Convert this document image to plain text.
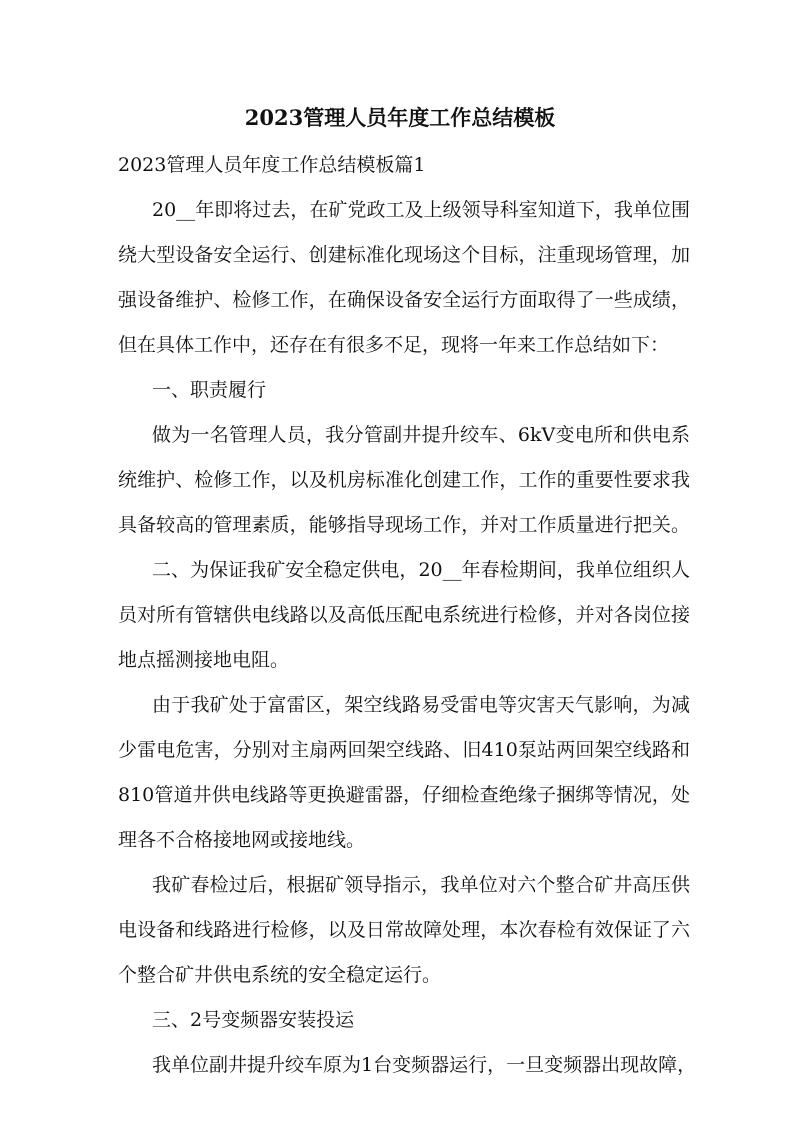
2023管理人员年度工作总结模板
2023管理人员年度工作总结模板篇1
20__年即将过去，在矿党政工及上级领导科室知道下，我单位围
绕大型设备安全运行、创建标准化现场这个目标，注重现场管理，加
强设备维护、检修工作，在确保设备安全运行方面取得了一些成绩，
但在具体工作中，还存在有很多不足，现将一年来工作总结如下：
一、职责履行
做为一名管理人员，我分管副井提升绞车、6kV变电所和供电系
统维护、检修工作，以及机房标准化创建工作，工作的重要性要求我
具备较高的管理素质，能够指导现场工作，并对工作质量进行把关。
二、为保证我矿安全稳定供电，20__年春检期间，我单位组织人
员对所有管辖供电线路以及高低压配电系统进行检修，并对各岗位接
地点摇测接地电阻。
由于我矿处于富雷区，架空线路易受雷电等灾害天气影响，为减
少雷电危害，分别对主扇两回架空线路、旧410泵站两回架空线路和
810管道井供电线路等更换避雷器，仔细检查绝缘子捆绑等情况，处
理各不合格接地网或接地线。
我矿春检过后，根据矿领导指示，我单位对六个整合矿井高压供
电设备和线路进行检修，以及日常故障处理，本次春检有效保证了六
个整合矿井供电系统的安全稳定运行。
三、2号变频器安装投运
我单位副井提升绞车原为1台变频器运行，一旦变频器出现故障，
